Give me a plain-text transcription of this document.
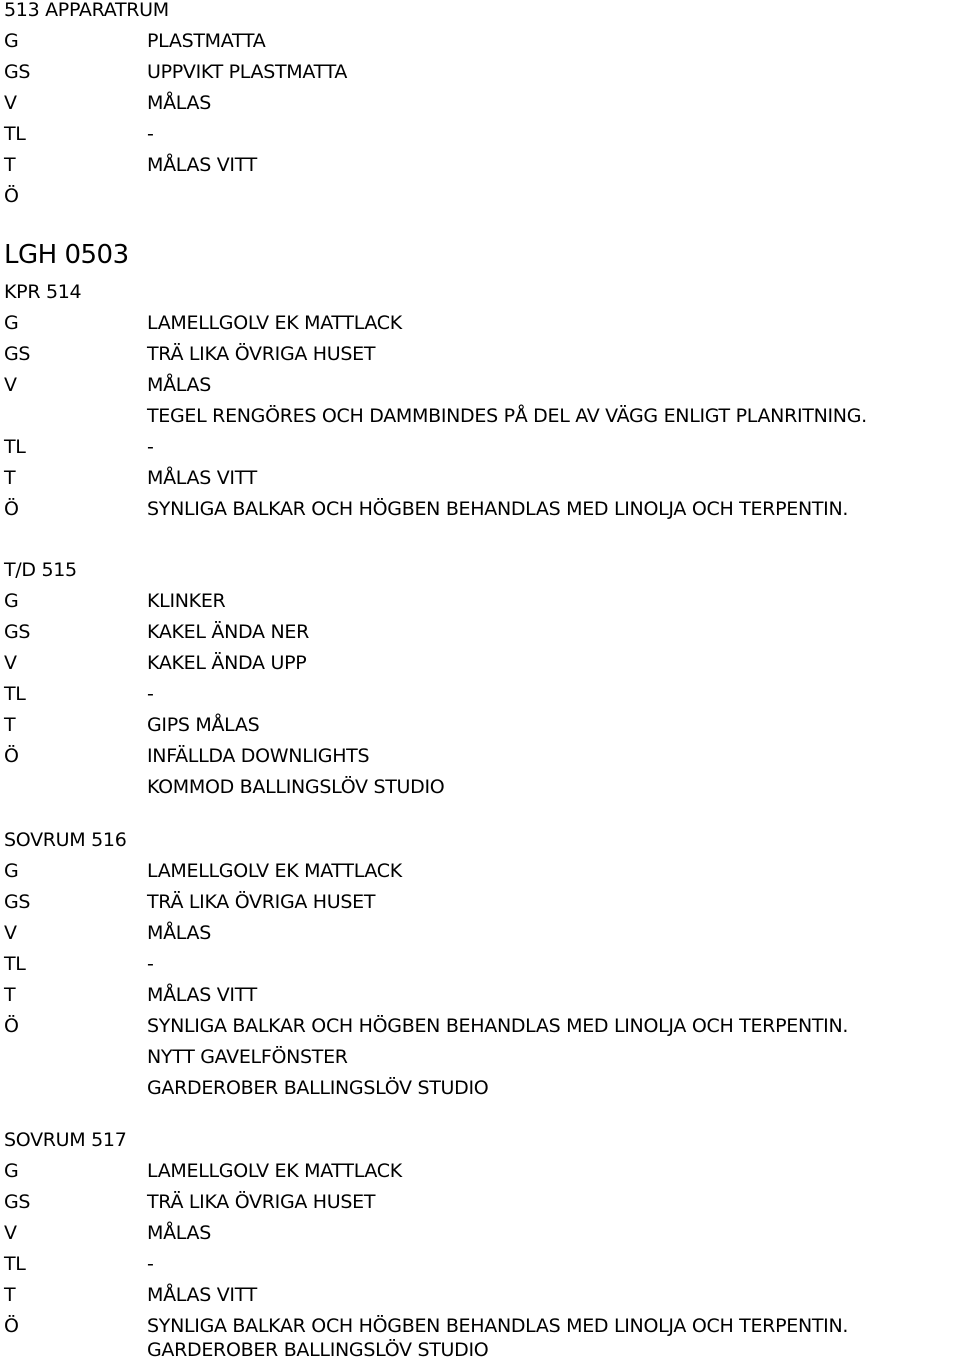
513 APPARATRUM
G	PLASTMATTA
GS	UPPVIKT PLASTMATTA
V	MÅLAS
TL	-
T	MÅLAS VITT
Ö
LGH 0503
KPR 514
G	LAMELLGOLV EK MATTLACK
GS	TRÄ LIKA ÖVRIGA HUSET
V	MÅLAS
TEGEL RENGÖRES OCH DAMMBINDES PÅ DEL AV VÄGG ENLIGT PLANRITNING.
TL	-
T	MÅLAS VITT
Ö	SYNLIGA BALKAR OCH HÖGBEN BEHANDLAS MED LINOLJA OCH TERPENTIN.
T/D 515
G	KLINKER
GS	KAKEL ÄNDA NER
V	KAKEL ÄNDA UPP
TL	-
T	GIPS MÅLAS
Ö	INFÄLLDA DOWNLIGHTS
KOMMOD BALLINGSLÖV STUDIO
SOVRUM 516
G	LAMELLGOLV EK MATTLACK
GS	TRÄ LIKA ÖVRIGA HUSET
V	MÅLAS
TL	-
T	MÅLAS VITT
Ö	SYNLIGA BALKAR OCH HÖGBEN BEHANDLAS MED LINOLJA OCH TERPENTIN.
NYTT GAVELFÖNSTER
GARDEROBER BALLINGSLÖV STUDIO
SOVRUM 517
G	LAMELLGOLV EK MATTLACK
GS	TRÄ LIKA ÖVRIGA HUSET
V	MÅLAS
TL	-
T	MÅLAS VITT
Ö	SYNLIGA BALKAR OCH HÖGBEN BEHANDLAS MED LINOLJA OCH TERPENTIN.
GARDEROBER BALLINGSLÖV STUDIO
